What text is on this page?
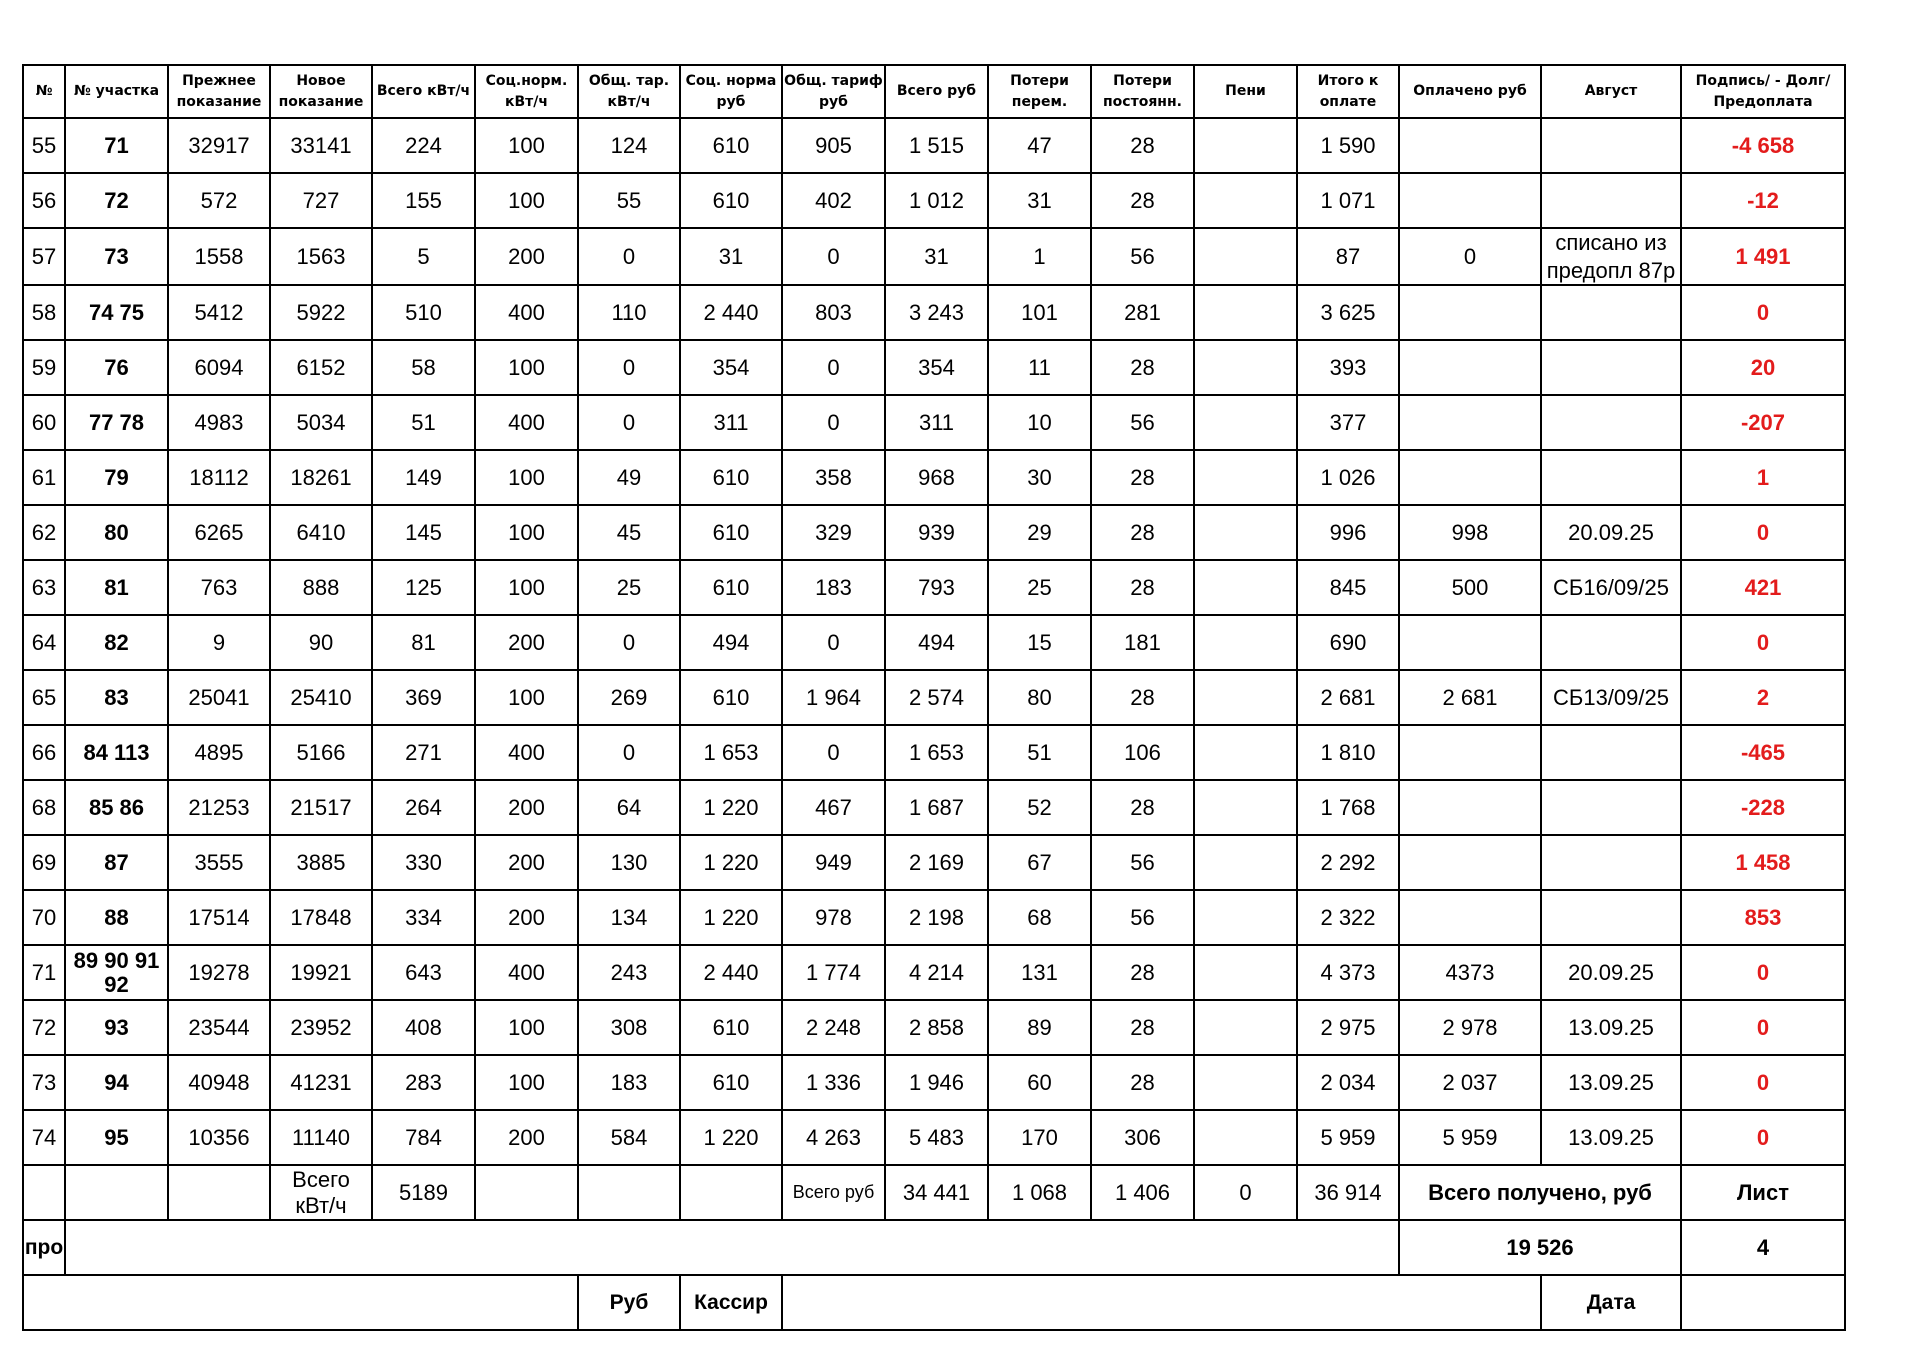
№	№ участка	Прежнее показание	Новое показание	Всего кВт/ч	Соц.норм. кВт/ч	Общ. тар. кВт/ч	Соц. норма руб	Общ. тариф руб	Всего руб	Потери перем.	Потери постоянн.	Пени	Итого к оплате	Оплачено руб	Август	Подпись/ - Долг/Предоплата
55	71	32917	33141	224	100	124	610	905	1 515	47	28		1 590			-4 658
56	72	572	727	155	100	55	610	402	1 012	31	28		1 071			-12
57	73	1558	1563	5	200	0	31	0	31	1	56		87	0	списано из предопл 87р	1 491
58	74 75	5412	5922	510	400	110	2 440	803	3 243	101	281		3 625			0
59	76	6094	6152	58	100	0	354	0	354	11	28		393			20
60	77 78	4983	5034	51	400	0	311	0	311	10	56		377			-207
61	79	18112	18261	149	100	49	610	358	968	30	28		1 026			1
62	80	6265	6410	145	100	45	610	329	939	29	28		996	998	20.09.25	0
63	81	763	888	125	100	25	610	183	793	25	28		845	500	СБ16/09/25	421
64	82	9	90	81	200	0	494	0	494	15	181		690			0
65	83	25041	25410	369	100	269	610	1 964	2 574	80	28		2 681	2 681	СБ13/09/25	2
66	84 113	4895	5166	271	400	0	1 653	0	1 653	51	106		1 810			-465
68	85 86	21253	21517	264	200	64	1 220	467	1 687	52	28		1 768			-228
69	87	3555	3885	330	200	130	1 220	949	2 169	67	56		2 292			1 458
70	88	17514	17848	334	200	134	1 220	978	2 198	68	56		2 322			853
71	89 90 91 92	19278	19921	643	400	243	2 440	1 774	4 214	131	28		4 373	4373	20.09.25	0
72	93	23544	23952	408	100	308	610	2 248	2 858	89	28		2 975	2 978	13.09.25	0
73	94	40948	41231	283	100	183	610	1 336	1 946	60	28		2 034	2 037	13.09.25	0
74	95	10356	11140	784	200	584	1 220	4 263	5 483	170	306		5 959	5 959	13.09.25	0
			Всего кВт/ч	5189				Всего руб	34 441	1 068	1 406	0	36 914	Всего получено, руб		Лист
про														19 526		4
						Руб	Кассир								Дата	
